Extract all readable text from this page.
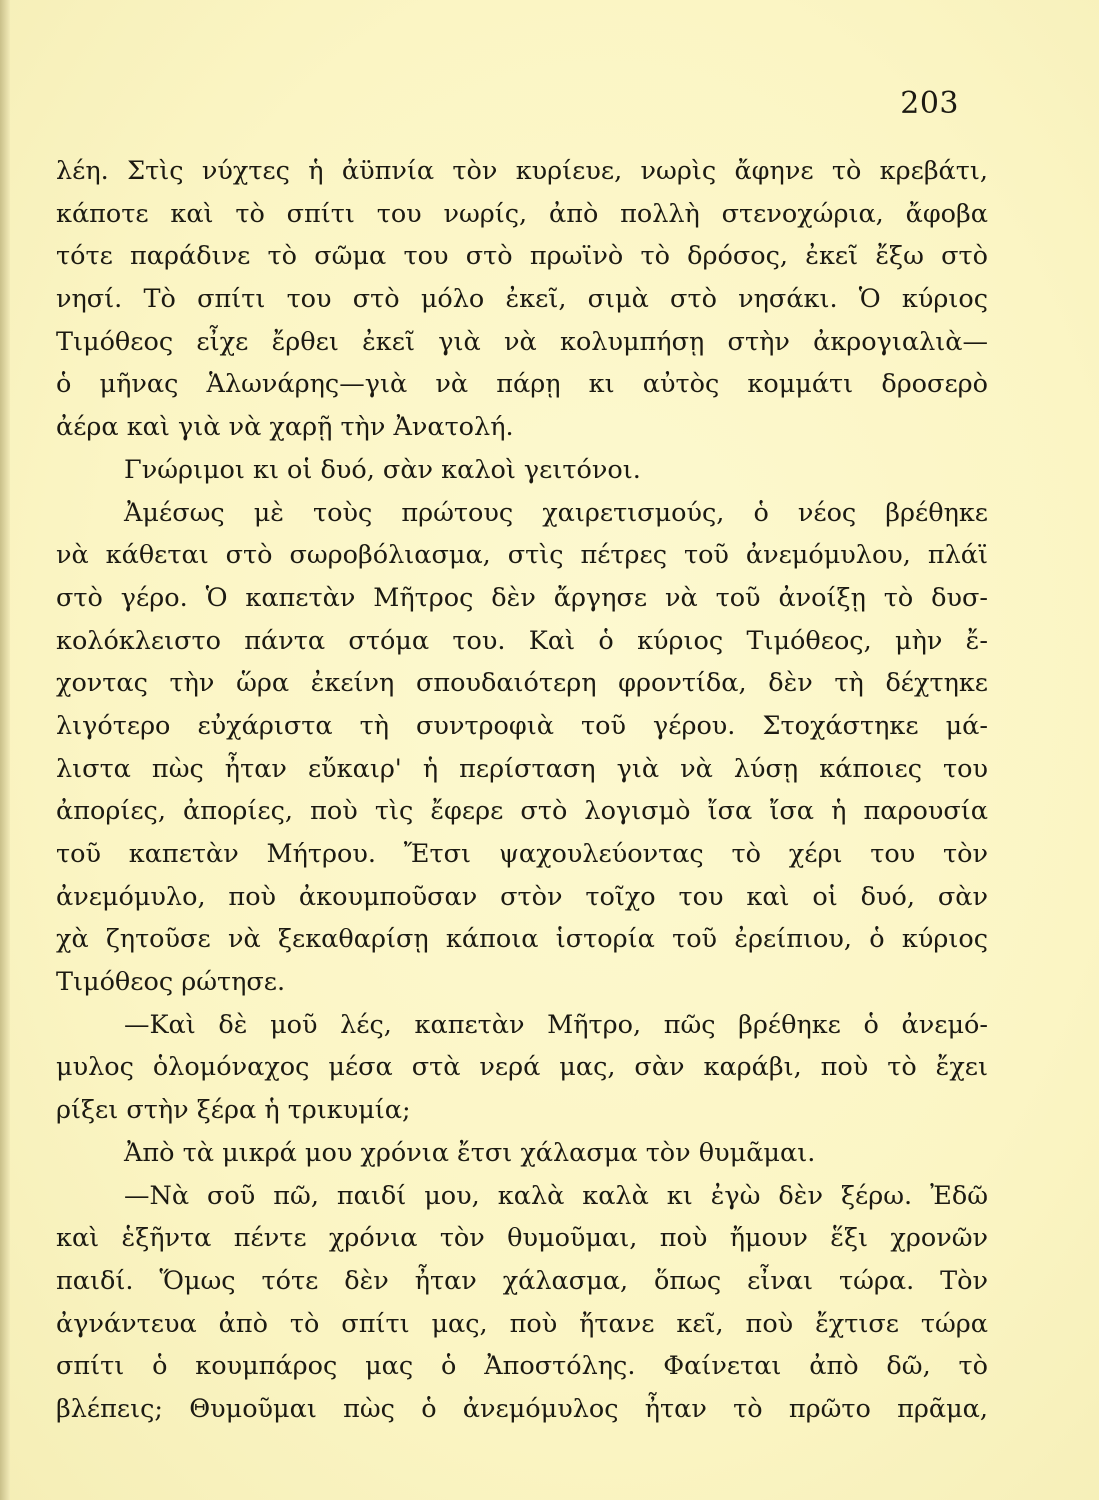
203
λέη. Στὶς νύχτες ἡ ἀϋπνία τὸν κυρίευε, νωρὶς ἄφηνε τὸ κρεβάτι,
κάποτε καὶ τὸ σπίτι του νωρίς, ἀπὸ πολλὴ στενοχώρια, ἄφοβα
τότε παράδινε τὸ σῶμα του στὸ πρωϊνὸ τὸ δρόσος, ἐκεῖ ἔξω στὸ
νησί. Τὸ σπίτι του στὸ μόλο ἐκεῖ, σιμὰ στὸ νησάκι. Ὁ κύριος
Τιμόθεος εἶχε ἔρθει ἐκεῖ γιὰ νὰ κολυμπήσῃ στὴν ἀκρογιαλιὰ—
ὁ μῆνας Ἁλωνάρης—γιὰ νὰ πάρῃ κι αὐτὸς κομμάτι δροσερὸ
ἀέρα καὶ γιὰ νὰ χαρῇ τὴν Ἀνατολή.
Γνώριμοι κι οἱ δυό, σὰν καλοὶ γειτόνοι.
Ἀμέσως μὲ τοὺς πρώτους χαιρετισμούς, ὁ νέος βρέθηκε
νὰ κάθεται στὸ σωροβόλιασμα, στὶς πέτρες τοῦ ἀνεμόμυλου, πλάϊ
στὸ γέρο. Ὁ καπετὰν Μῆτρος δὲν ἄργησε νὰ τοῦ ἀνοίξῃ τὸ δυσ-
κολόκλειστο πάντα στόμα του. Καὶ ὁ κύριος Τιμόθεος, μὴν ἔ-
χοντας τὴν ὥρα ἐκείνη σπουδαιότερη φροντίδα, δὲν τὴ δέχτηκε
λιγότερο εὐχάριστα τὴ συντροφιὰ τοῦ γέρου. Στοχάστηκε μά-
λιστα πὼς ἦταν εὔκαιρ' ἡ περίσταση γιὰ νὰ λύσῃ κάποιες του
ἀπορίες, ἀπορίες, ποὺ τὶς ἔφερε στὸ λογισμὸ ἴσα ἴσα ἡ παρουσία
τοῦ καπετὰν Μήτρου. Ἔτσι ψαχουλεύοντας τὸ χέρι του τὸν
ἀνεμόμυλο, ποὺ ἀκουμποῦσαν στὸν τοῖχο του καὶ οἱ δυό, σὰν
χὰ ζητοῦσε νὰ ξεκαθαρίσῃ κάποια ἱστορία τοῦ ἐρείπιου, ὁ κύριος
Τιμόθεος ρώτησε.
—Καὶ δὲ μοῦ λές, καπετὰν Μῆτρο, πῶς βρέθηκε ὁ ἀνεμό-
μυλος ὁλομόναχος μέσα στὰ νερά μας, σὰν καράβι, ποὺ τὸ ἔχει
ρίξει στὴν ξέρα ἡ τρικυμία;
Ἀπὸ τὰ μικρά μου χρόνια ἔτσι χάλασμα τὸν θυμᾶμαι.
—Νὰ σοῦ πῶ, παιδί μου, καλὰ καλὰ κι ἐγὼ δὲν ξέρω. Ἐδῶ
καὶ ἑξῆντα πέντε χρόνια τὸν θυμοῦμαι, ποὺ ἤμουν ἕξι χρονῶν
παιδί. Ὅμως τότε δὲν ἦταν χάλασμα, ὅπως εἶναι τώρα. Τὸν
ἀγνάντευα ἀπὸ τὸ σπίτι μας, ποὺ ἤτανε κεῖ, ποὺ ἔχτισε τώρα
σπίτι ὁ κουμπάρος μας ὁ Ἀποστόλης. Φαίνεται ἀπὸ δῶ, τὸ
βλέπεις; Θυμοῦμαι πὼς ὁ ἀνεμόμυλος ἦταν τὸ πρῶτο πρᾶμα,
